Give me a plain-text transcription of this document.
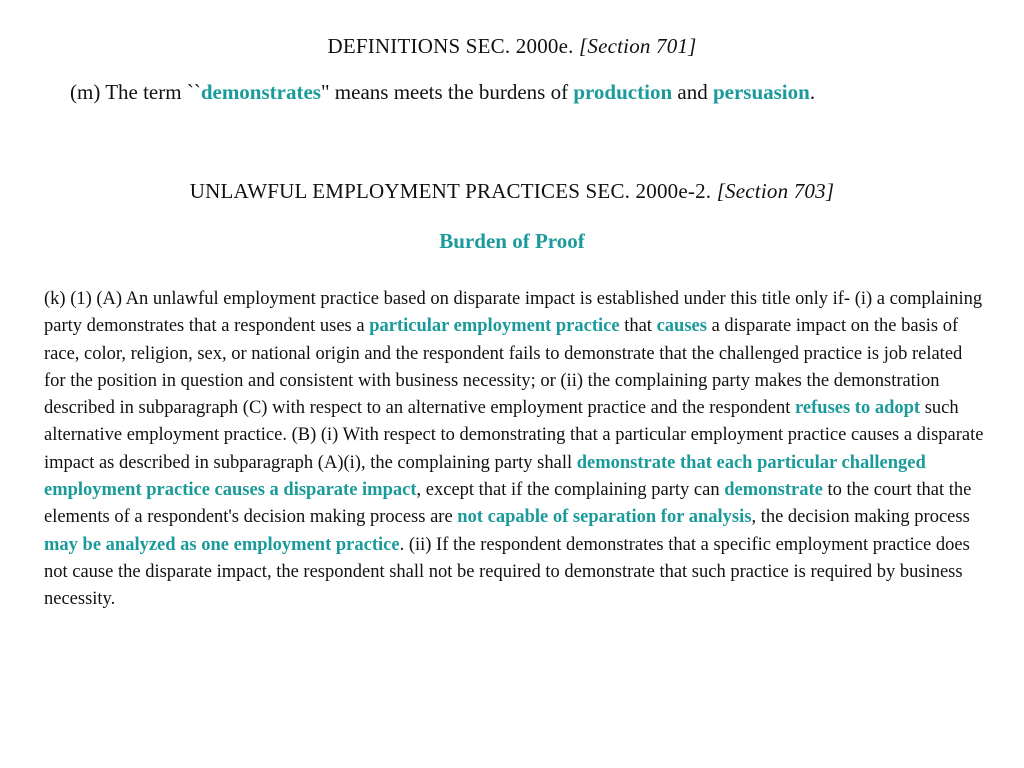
DEFINITIONS SEC. 2000e. [Section 701]

(m) The term ``demonstrates" means meets the burdens of production and persuasion.

UNLAWFUL EMPLOYMENT PRACTICES SEC. 2000e-2. [Section 703]
Burden of Proof

(k) (1) (A) An unlawful employment practice based on disparate impact is established under this title only if- (i) a complaining party demonstrates that a respondent uses a particular employment practice that causes a disparate impact on the basis of race, color, religion, sex, or national origin and the respondent fails to demonstrate that the challenged practice is job related for the position in question and consistent with business necessity; or (ii) the complaining party makes the demonstration described in subparagraph (C) with respect to an alternative employment practice and the respondent refuses to adopt such alternative employment practice. (B) (i) With respect to demonstrating that a particular employment practice causes a disparate impact as described in subparagraph (A)(i), the complaining party shall demonstrate that each particular challenged employment practice causes a disparate impact, except that if the complaining party can demonstrate to the court that the elements of a respondent's decision making process are not capable of separation for analysis, the decision making process may be analyzed as one employment practice. (ii) If the respondent demonstrates that a specific employment practice does not cause the disparate impact, the respondent shall not be required to demonstrate that such practice is required by business necessity.
